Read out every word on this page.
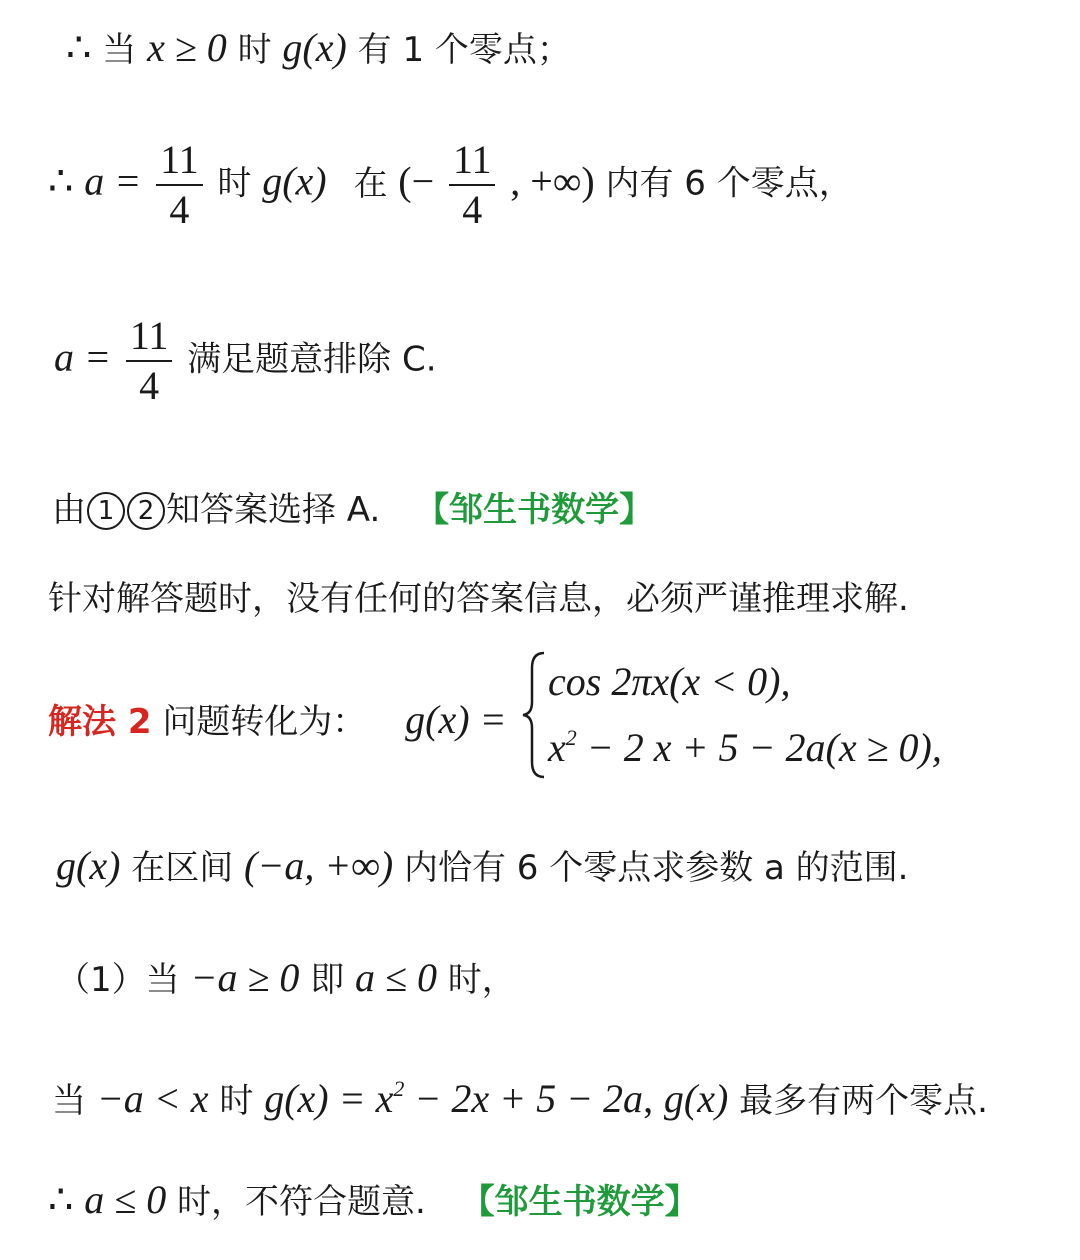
∴ 当 x ≥ 0 时 g(x) 有 1 个零点；
∴ $a = \frac{11}{4}$ 时 g(x) 在 (− $\frac{11}{4}$ , +∞) 内有 6 个零点，
$a = \frac{11}{4}$ 满足题意排除 C.
由 1 2 知答案选择 A. 【邹生书数学】
针对解答题时，没有任何的答案信息，必须严谨推理求解.
解法 2 问题转化为： g(x) =
cos 2πx(x < 0),
$x^2 - 2$ x + 5 − 2a(x ≥ 0),
g(x) 在区间 (−a, +∞) 内恰有 6 个零点求参数 a 的范围.
（1）当 −a ≥ 0 即 a ≤ 0 时，
当 −a < x 时 $g(x) = x^2 - 2x + 5 - 2a$, g(x) 最多有两个零点.
∴ a ≤ 0 时，不符合题意. 【邹生书数学】
